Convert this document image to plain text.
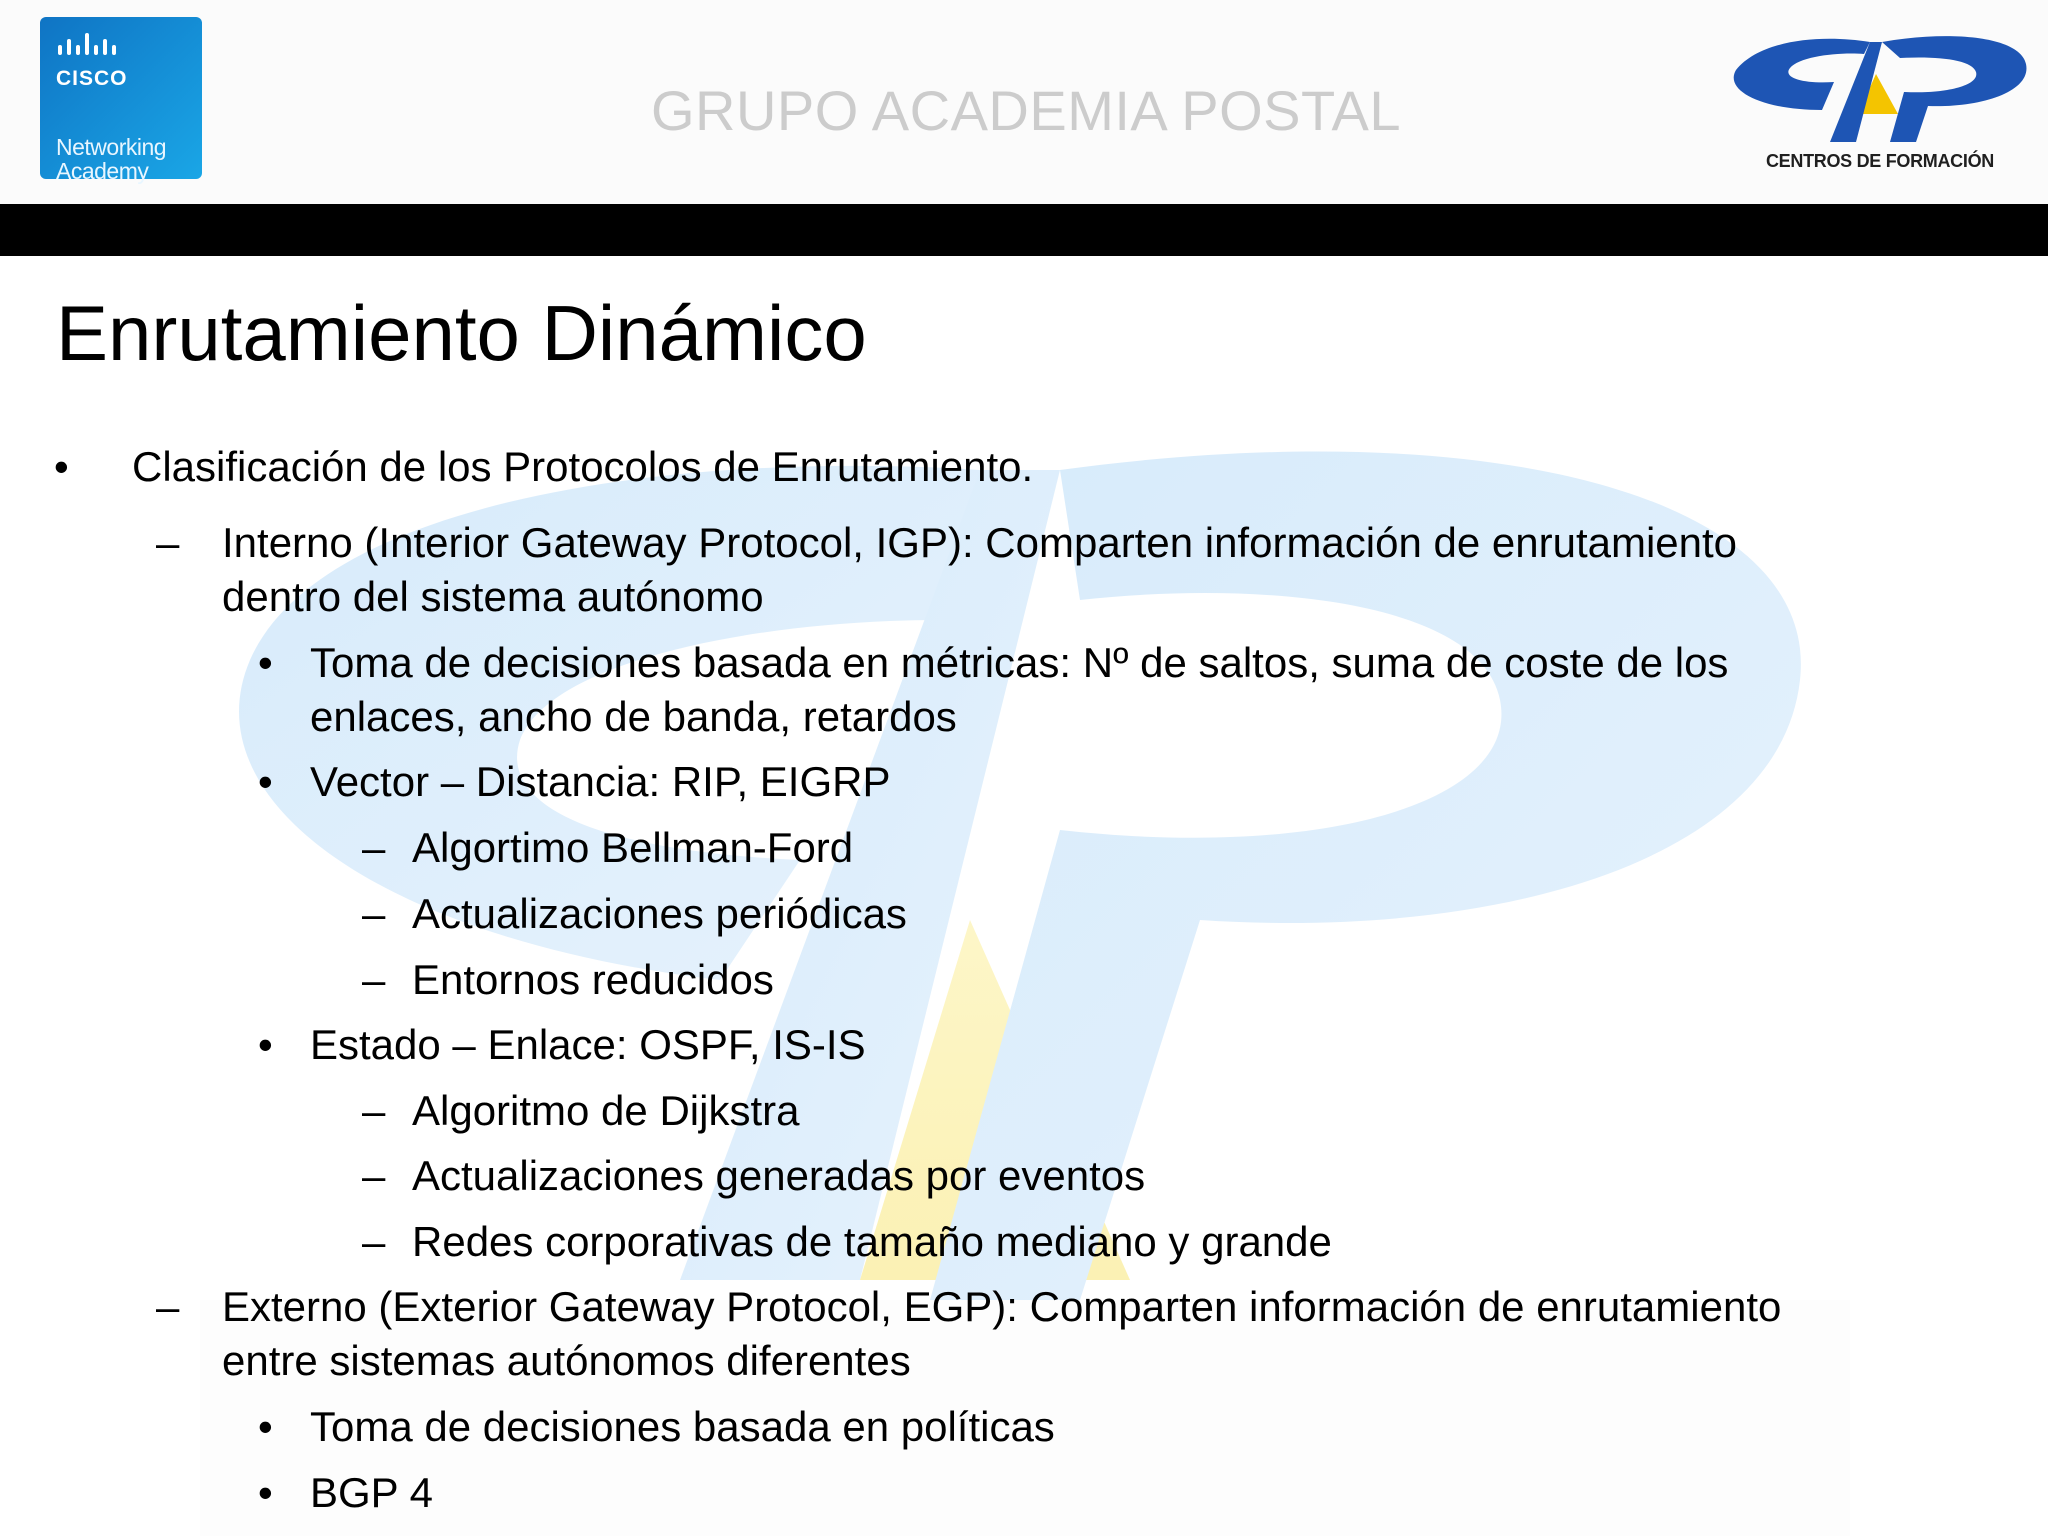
CISCO
Networking
Academy
GRUPO ACADEMIA POSTAL
CENTROS DE FORMACIÓN
Enrutamiento Dinámico
• Clasificación de los Protocolos de Enrutamiento.
– Interno (Interior Gateway Protocol, IGP): Comparten información de enrutamiento
dentro del sistema autónomo
• Toma de decisiones basada en métricas: Nº de saltos, suma de coste de los
enlaces, ancho de banda, retardos
• Vector – Distancia: RIP, EIGRP
– Algortimo Bellman-Ford
– Actualizaciones periódicas
– Entornos reducidos
• Estado – Enlace: OSPF, IS-IS
– Algoritmo de Dijkstra
– Actualizaciones generadas por eventos
– Redes corporativas de tamaño mediano y grande
– Externo (Exterior Gateway Protocol, EGP): Comparten información de enrutamiento
entre sistemas autónomos diferentes
• Toma de decisiones basada en políticas
• BGP 4
